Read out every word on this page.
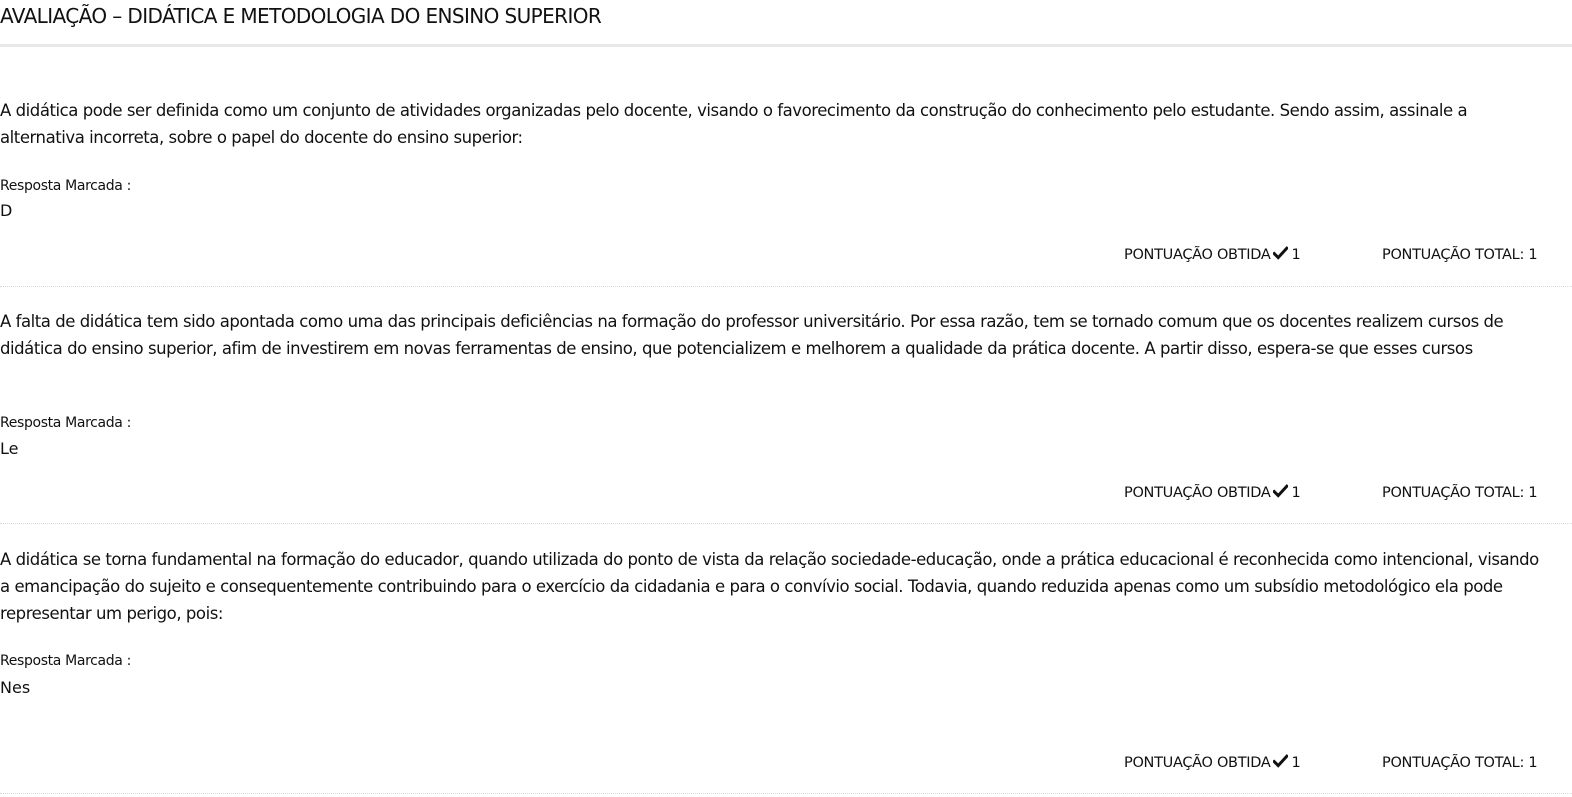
AVALIAÇÃO – DIDÁTICA E METODOLOGIA DO ENSINO SUPERIOR
A didática pode ser definida como um conjunto de atividades organizadas pelo docente, visando o favorecimento da construção do conhecimento pelo estudante. Sendo assim, assinale a alternativa incorreta, sobre o papel do docente do ensino superior:
Resposta Marcada :
D
PONTUAÇÃO OBTIDA 1	PONTUAÇÃO TOTAL: 1
A falta de didática tem sido apontada como uma das principais deficiências na formação do professor universitário. Por essa razão, tem se tornado comum que os docentes realizem cursos de didática do ensino superior, afim de investirem em novas ferramentas de ensino, que potencializem e melhorem a qualidade da prática docente. A partir disso, espera-se que esses cursos
Resposta Marcada :
Le
PONTUAÇÃO OBTIDA 1	PONTUAÇÃO TOTAL: 1
A didática se torna fundamental na formação do educador, quando utilizada do ponto de vista da relação sociedade-educação, onde a prática educacional é reconhecida como intencional, visando a emancipação do sujeito e consequentemente contribuindo para o exercício da cidadania e para o convívio social. Todavia, quando reduzida apenas como um subsídio metodológico ela pode representar um perigo, pois:
Resposta Marcada :
Nes
PONTUAÇÃO OBTIDA 1	PONTUAÇÃO TOTAL: 1
